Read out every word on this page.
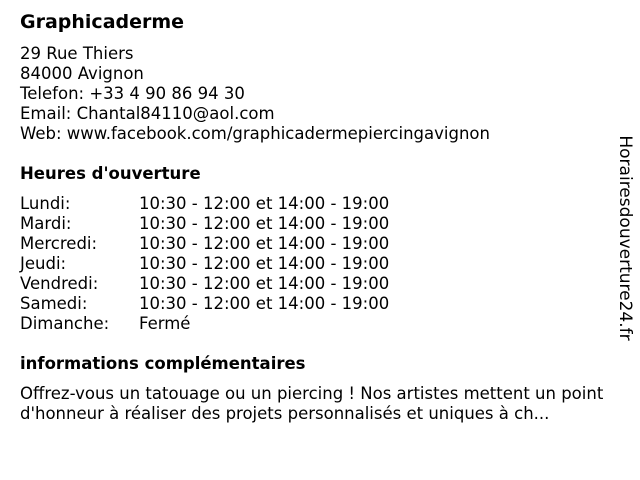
Graphicaderme
29 Rue Thiers
84000 Avignon
Telefon: +33 4 90 86 94 30
Email: Chantal84110@aol.com
Web: www.facebook.com/graphicadermepiercingavignon
Heures d'ouverture
Lundi:	10:30 - 12:00 et 14:00 - 19:00
Mardi:	10:30 - 12:00 et 14:00 - 19:00
Mercredi:	10:30 - 12:00 et 14:00 - 19:00
Jeudi:	10:30 - 12:00 et 14:00 - 19:00
Vendredi:	10:30 - 12:00 et 14:00 - 19:00
Samedi:	10:30 - 12:00 et 14:00 - 19:00
Dimanche:	Fermé
informations complémentaires
Offrez-vous un tatouage ou un piercing ! Nos artistes mettent un point d'honneur à réaliser des projets personnalisés et uniques à ch...
Horairesdouverture24.fr
